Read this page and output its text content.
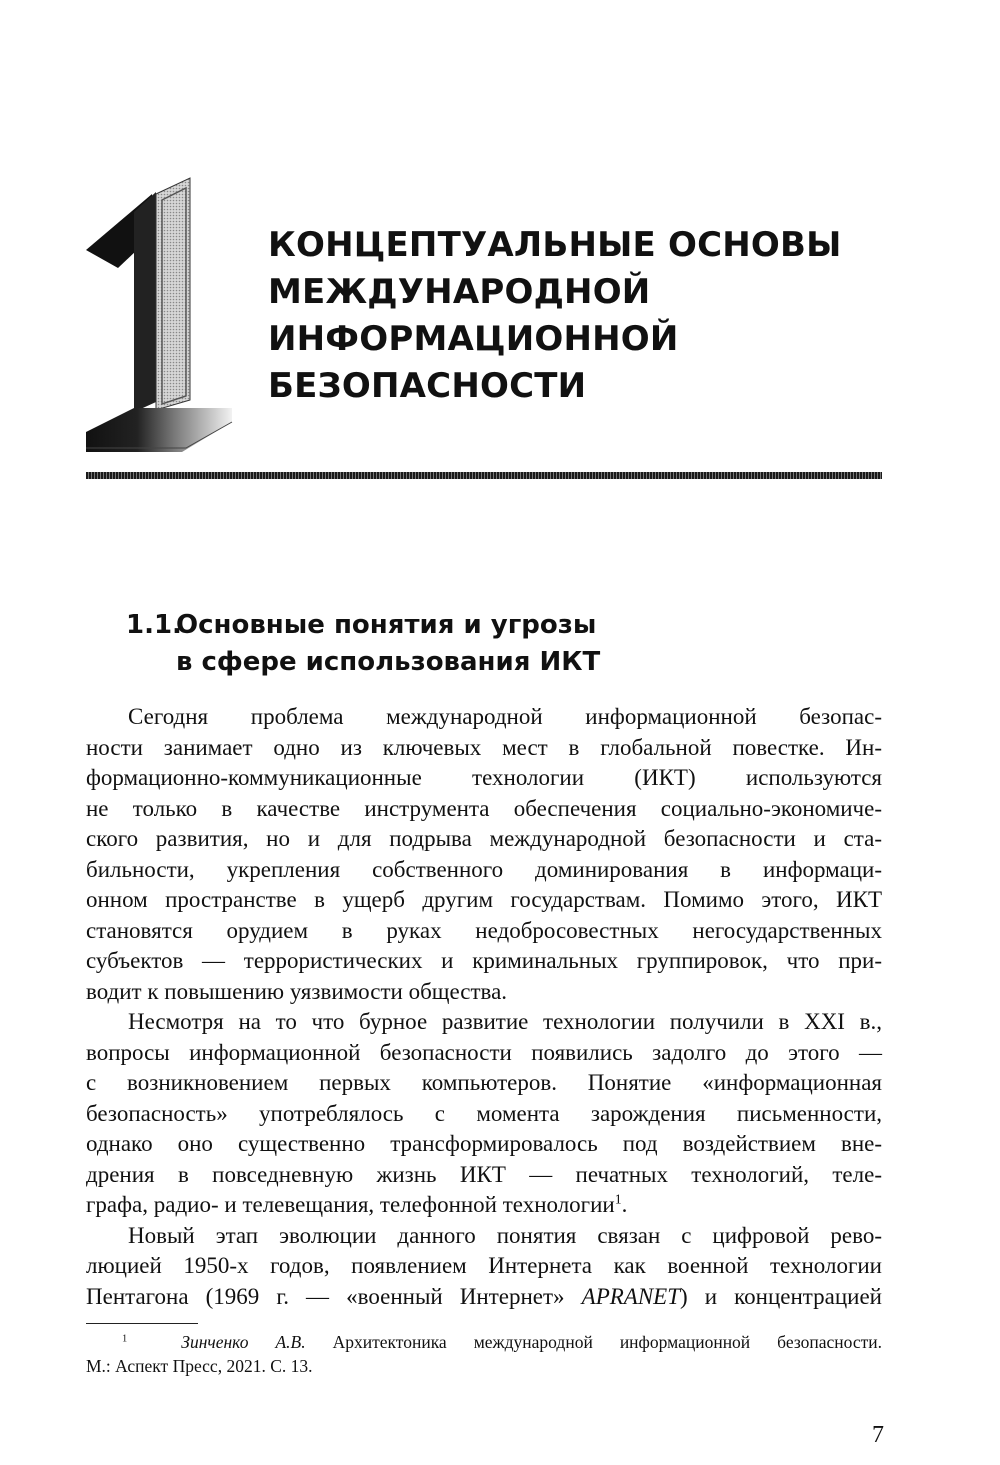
1
КОНЦЕПТУАЛЬНЫЕ ОСНОВЫ
МЕЖДУНАРОДНОЙ
ИНФОРМАЦИОННОЙ
БЕЗОПАСНОСТИ
1.1.
Основные понятия и угрозы
в сфере использования ИКТ
Сегодня проблема международной информационной безопас-
ности занимает одно из ключевых мест в глобальной повестке. Ин-
формационно-коммуникационные технологии (ИКТ) используются
не только в качестве инструмента обеспечения социально-экономиче-
ского развития, но и для подрыва международной безопасности и ста-
бильности, укрепления собственного доминирования в информаци-
онном пространстве в ущерб другим государствам. Помимо этого, ИКТ
становятся орудием в руках недобросовестных негосударственных
субъектов — террористических и криминальных группировок, что при-
водит к повышению уязвимости общества.
Несмотря на то что бурное развитие технологии получили в XXI в.,
вопросы информационной безопасности появились задолго до этого —
с возникновением первых компьютеров. Понятие «информационная
безопасность» употреблялось с момента зарождения письменности,
однако оно существенно трансформировалось под воздействием вне-
дрения в повседневную жизнь ИКТ — печатных технологий, теле-
графа, радио- и телевещания, телефонной технологии$^1$.
Новый этап эволюции данного понятия связан с цифровой рево-
люцией 1950-х годов, появлением Интернета как военной технологии
Пентагона (1969 г. — «военный Интернет» APRANET) и концентрацией
$^1$	Зинченко А.В. Архитектоника международной информационной безопасности.
М.: Аспект Пресс, 2021. С. 13.
7
